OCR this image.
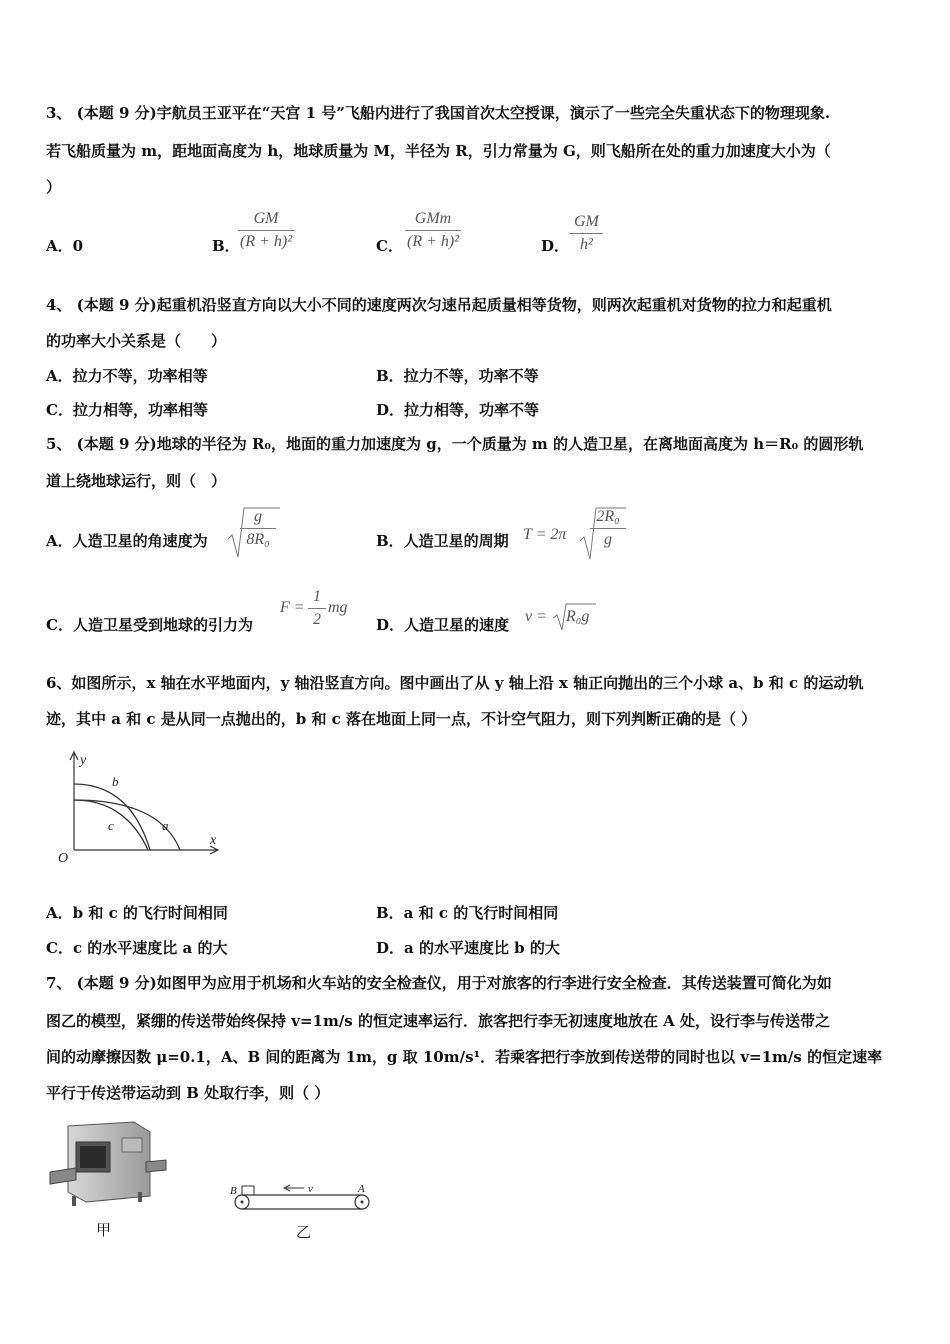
3、 (本题 9 分)宇航员王亚平在“天宫 1 号”飞船内进行了我国首次太空授课，演示了一些完全失重状态下的物理现象.
若飞船质量为 m，距地面高度为 h，地球质量为 M，半径为 R，引力常量为 G，则飞船所在处的重力加速度大小为（
）
A．0	B．
GM
(R + h)²	C．
GMm
(R + h)²	D．
GM
h²
4、 (本题 9 分)起重机沿竖直方向以大小不同的速度两次匀速吊起质量相等货物，则两次起重机对货物的拉力和起重机
的功率大小关系是（　　）
A．拉力不等，功率相等	B．拉力不等，功率不等
C．拉力相等，功率相等	D．拉力相等，功率不等
5、 (本题 9 分)地球的半径为 R₀，地面的重力加速度为 g，一个质量为 m 的人造卫星，在离地面高度为 h＝R₀ 的圆形轨
道上绕地球运行，则（　）
A．人造卫星的角速度为
g
8R₀	B．人造卫星的周期 T = 2π
2R₀
g
C．人造卫星受到地球的引力为
F =
1
2
mg
D．人造卫星的速度 v = R₀g
6、如图所示，x 轴在水平地面内，y 轴沿竖直方向。图中画出了从 y 轴上沿 x 轴正向抛出的三个小球 a、b 和 c 的运动轨
迹，其中 a 和 c 是从同一点抛出的，b 和 c 落在地面上同一点，不计空气阻力，则下列判断正确的是（ ）
y
x
O
b
a
c
A．b 和 c 的飞行时间相同	B．a 和 c 的飞行时间相同
C．c 的水平速度比 a 的大	D．a 的水平速度比 b 的大
7、 (本题 9 分)如图甲为应用于机场和火车站的安全检查仪，用于对旅客的行李进行安全检查．其传送装置可简化为如
图乙的模型，紧绷的传送带始终保持 v=1m/s 的恒定速率运行．旅客把行李无初速度地放在 A 处，设行李与传送带之
间的动摩擦因数 μ=0.1，A、B 间的距离为 1m，g 取 10m/s¹．若乘客把行李放到传送带的同时也以 v=1m/s 的恒定速率
平行于传送带运动到 B 处取行李，则（ ）
甲
B	A
v
乙
